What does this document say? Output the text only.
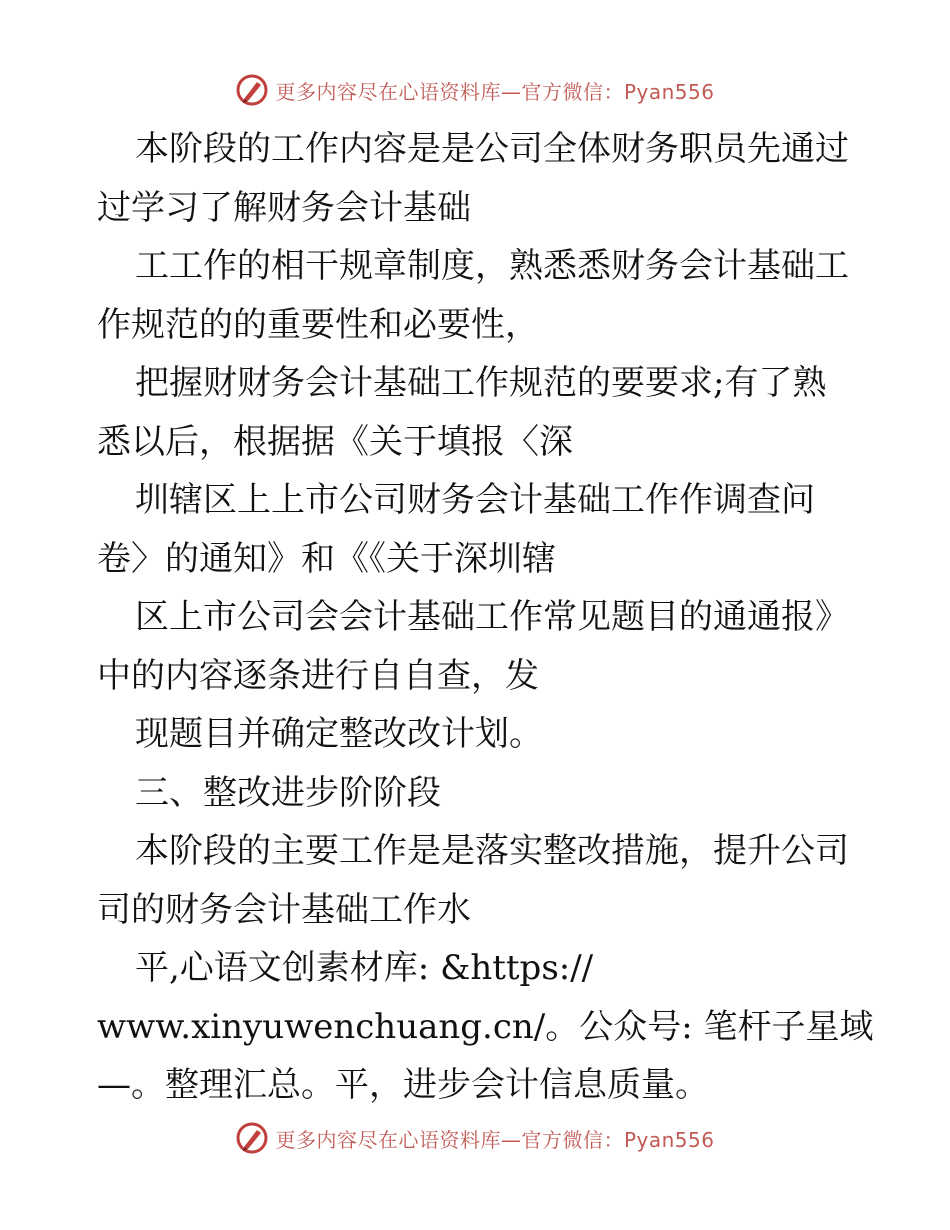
更多内容尽在心语资料库—官方微信：Pyan556
本阶段的工作内容是是公司全体财务职员先通过
过学习了解财务会计基础
工工作的相干规章制度，熟悉悉财务会计基础工
作规范的的重要性和必要性，
把握财财务会计基础工作规范的要要求;有了熟
悉以后，根据据《关于填报〈深
圳辖区上上市公司财务会计基础工作作调查问
卷〉的通知》和《《关于深圳辖
区上市公司会会计基础工作常见题目的通通报》
中的内容逐条进行自自查，发
现题目并确定整改改计划。
三、整改进步阶阶段
本阶段的主要工作是是落实整改措施，提升公司
司的财务会计基础工作水
平,心语文创素材库: &https://
www.xinyuwenchuang.cn/。公众号: 笔杆子星域
—。整理汇总。平，进步会计信息质量。
更多内容尽在心语资料库—官方微信：Pyan556
